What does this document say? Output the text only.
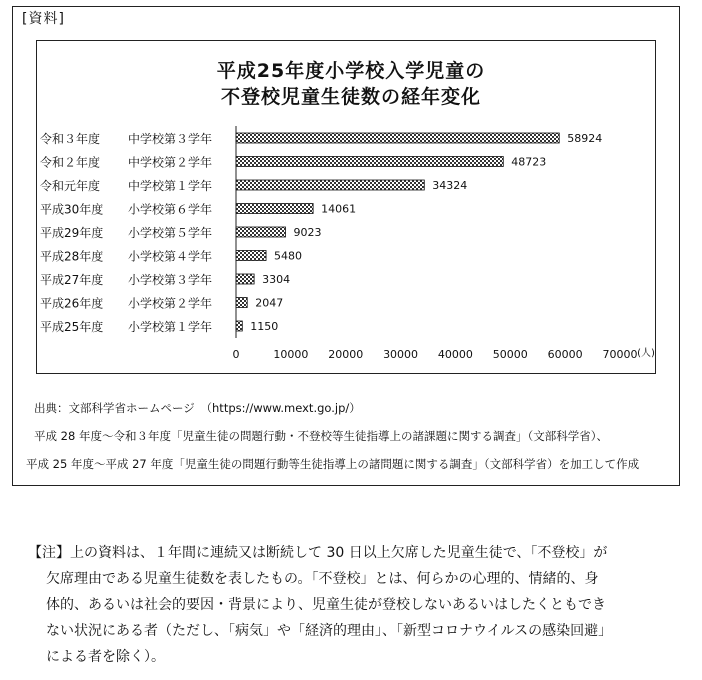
[資料]
平成25年度小学校入学児童の
不登校児童生徒数の経年変化
令和３年度 中学校第３学年	58924
令和２年度 中学校第２学年	48723
令和元年度 中学校第１学年	34324
平成30年度 小学校第６学年	14061
平成29年度 小学校第５学年	9023
平成28年度 小学校第４学年	5480
平成27年度 小学校第３学年	3304
平成26年度 小学校第２学年	2047
平成25年度 小学校第１学年	1150
0	10000 20000 30000 40000 50000 60000 70000 (人)
出典：文部科学省ホームページ　（https://www.mext.go.jp/）
平成 28 年度～令和３年度「児童生徒の問題行動・不登校等生徒指導上の諸課題に関する調査」（文部科学省）、
平成 25 年度～平成 27 年度「児童生徒の問題行動等生徒指導上の諸問題に関する調査」（文部科学省）を加工して作成

【注】上の資料は、１年間に連続又は断続して 30 日以上欠席した児童生徒で、「不登校」が

欠席理由である児童生徒数を表したもの。「不登校」とは、何らかの心理的、情緒的、身

体的、あるいは社会的要因・背景により、児童生徒が登校しないあるいはしたくともでき

ない状況にある者（ただし、「病気」や「経済的理由」、「新型コロナウイルスの感染回避」

による者を除く）。
